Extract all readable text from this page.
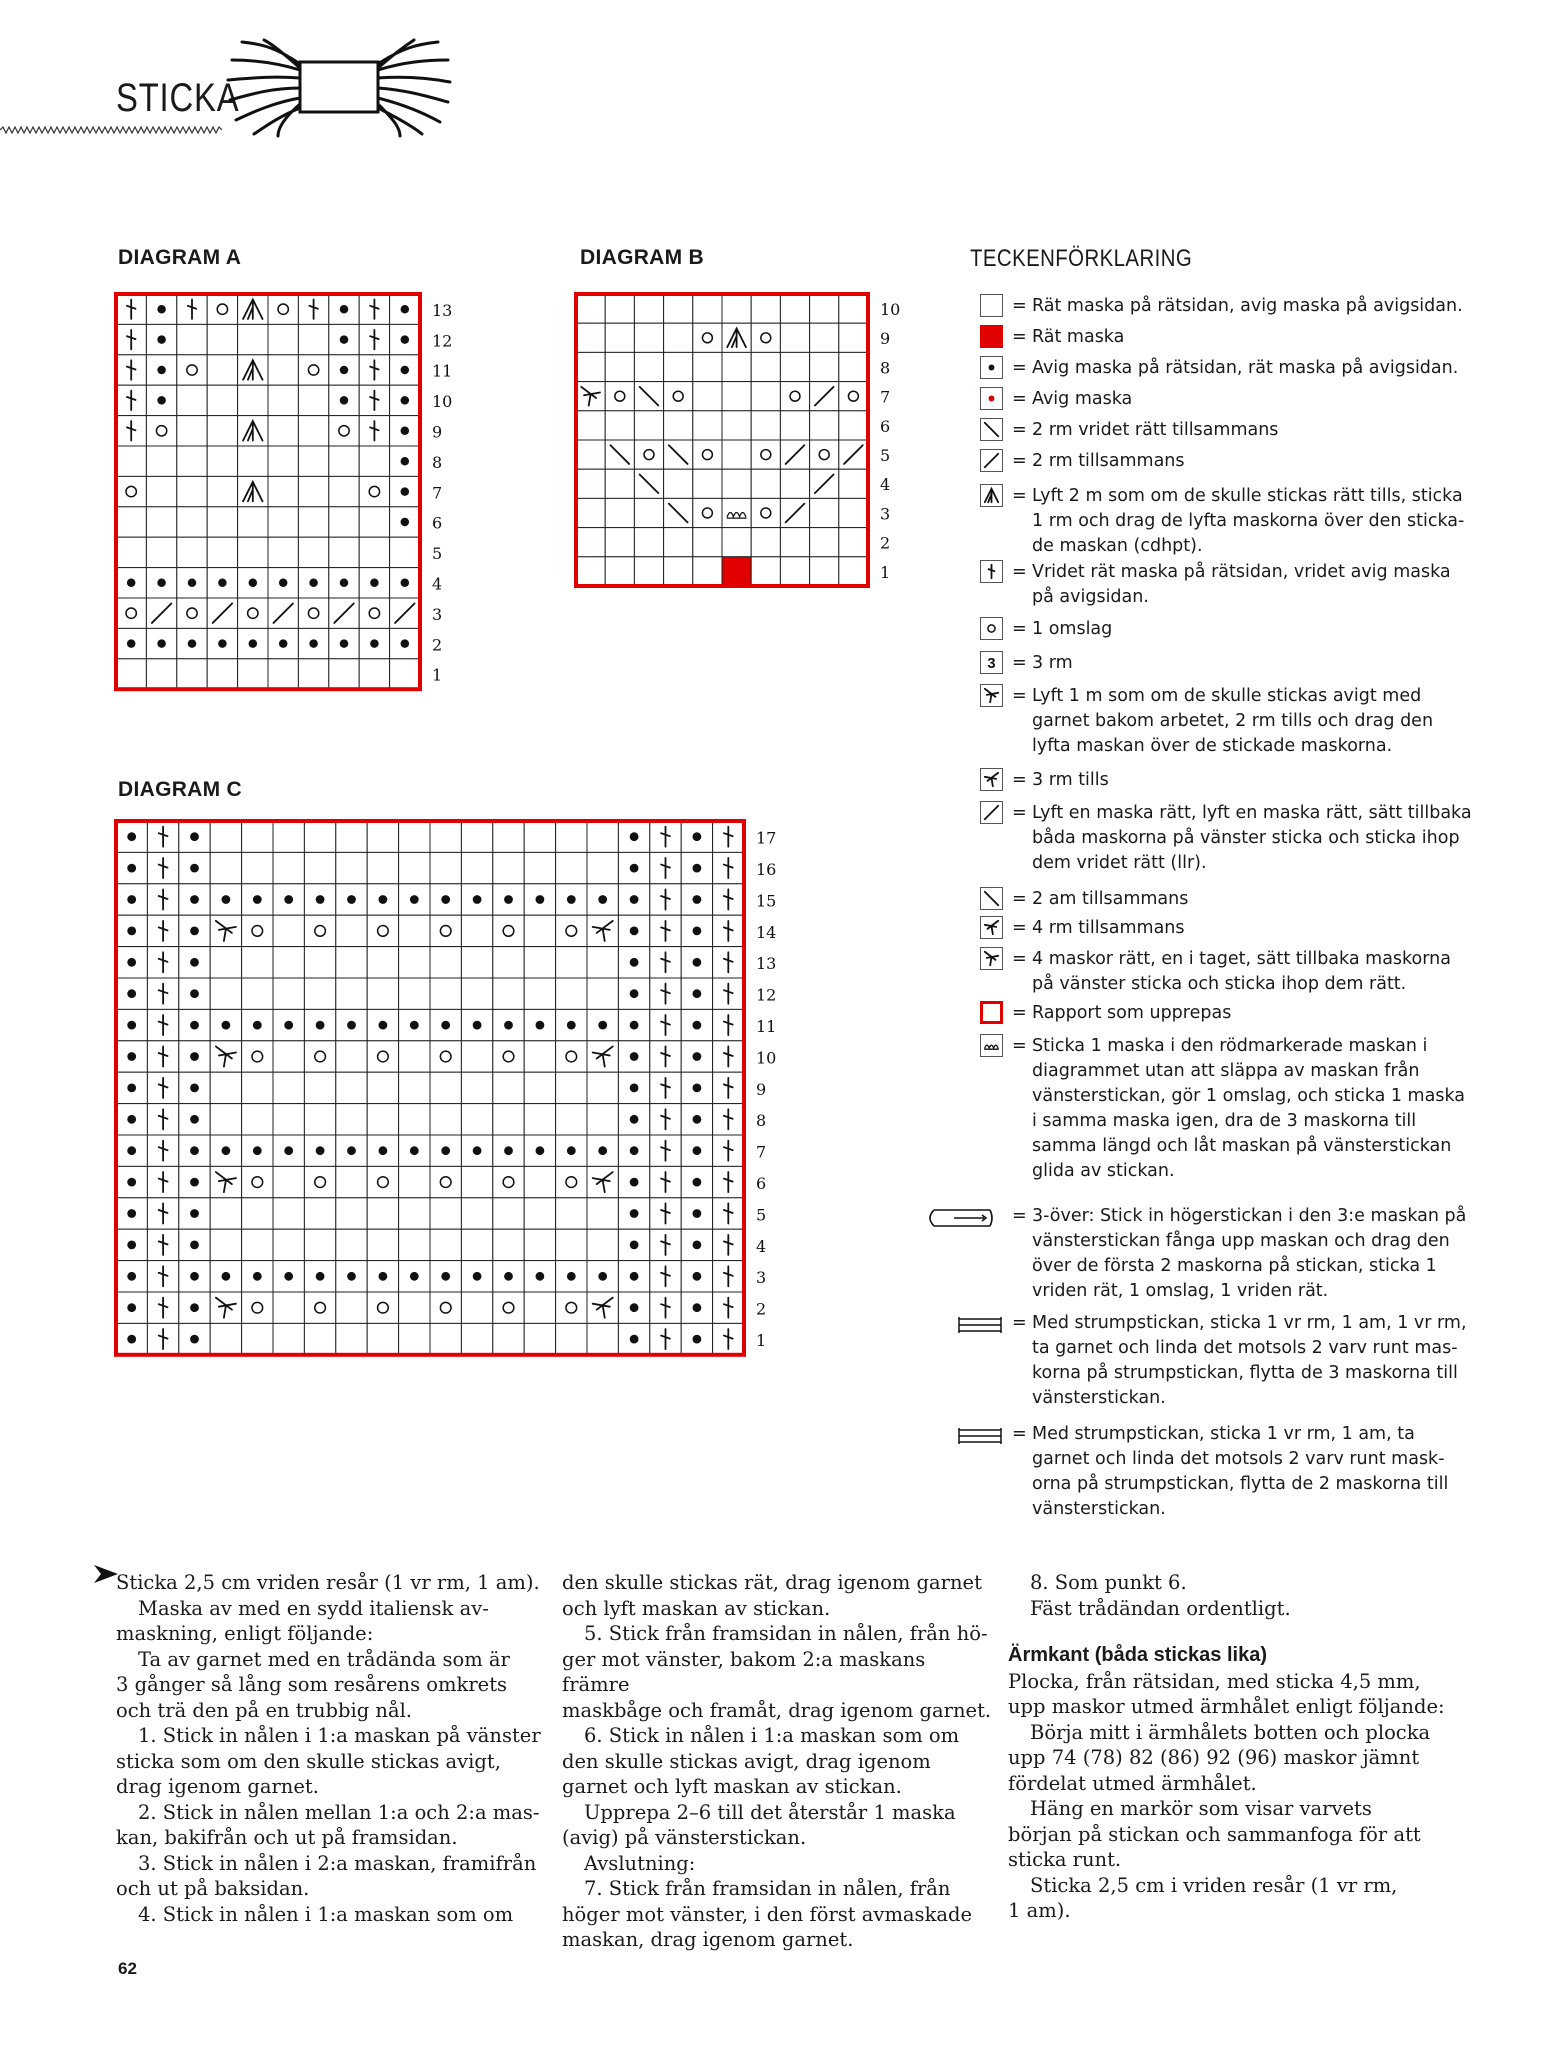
STICKA
DIAGRAM A	DIAGRAM B
DIAGRAM C
TECKENFÖRKLARING
13
12
11
10
9
8
7
6
5
4
3
2
1
10
9
8
7
6
5
4
3
2
1
17
16
15
14
13
12
11
10
9
8
7
6
5
4
3
2
1
= Rät maska på rätsidan, avig maska på avigsidan.
= Rät maska
= Avig maska på rätsidan, rät maska på avigsidan.
= Avig maska
= 2 rm vridet rätt tillsammans
= 2 rm tillsammans
= Lyft 2 m som om de skulle stickas rätt tills, sticka 1 rm och drag de lyfta maskorna över den sticka-de maskan (cdhpt).
= Vridet rät maska på rätsidan, vridet avig maska på avigsidan.
= 1 omslag
3 = 3 rm
= Lyft 1 m som om de skulle stickas avigt med garnet bakom arbetet, 2 rm tills och drag den lyfta maskan över de stickade maskorna.
= 3 rm tills
= Lyft en maska rätt, lyft en maska rätt, sätt tillbaka båda maskorna på vänster sticka och sticka ihop dem vridet rätt (llr).
= 2 am tillsammans
= 4 rm tillsammans
= 4 maskor rätt, en i taget, sätt tillbaka maskorna på vänster sticka och sticka ihop dem rätt.
= Rapport som upprepas
= Sticka 1 maska i den rödmarkerade maskan i diagrammet utan att släppa av maskan från vänsterstickan, gör 1 omslag, och sticka 1 maska i samma maska igen, dra de 3 maskorna till samma längd och låt maskan på vänsterstickan glida av stickan.
= 3-över: Stick in högerstickan i den 3:e maskan på vänsterstickan fånga upp maskan och drag den över de första 2 maskorna på stickan, sticka 1 vriden rät, 1 omslag, 1 vriden rät.
= Med strumpstickan, sticka 1 vr rm, 1 am, 1 vr rm, ta garnet och linda det motsols 2 varv runt mas-korna på strumpstickan, flytta de 3 maskorna till vänsterstickan.
= Med strumpstickan, sticka 1 vr rm, 1 am, ta garnet och linda det motsols 2 varv runt mask-orna på strumpstickan, flytta de 2 maskorna till vänsterstickan.

Sticka 2,5 cm vriden resår (1 vr rm, 1 am).

Maska av med en sydd italiensk av-

maskning, enligt följande:

Ta av garnet med en trådända som är

3 gånger så lång som resårens omkrets

och trä den på en trubbig nål.

1. Stick in nålen i 1:a maskan på vänster

sticka som om den skulle stickas avigt,

drag igenom garnet.

2. Stick in nålen mellan 1:a och 2:a mas-

kan, bakifrån och ut på framsidan.

3. Stick in nålen i 2:a maskan, framifrån

och ut på baksidan.

4. Stick in nålen i 1:a maskan som om

den skulle stickas rät, drag igenom garnet

och lyft maskan av stickan.

5. Stick från framsidan in nålen, från hö-

ger mot vänster, bakom 2:a maskans främre

maskbåge och framåt, drag igenom garnet.

6. Stick in nålen i 1:a maskan som om

den skulle stickas avigt, drag igenom

garnet och lyft maskan av stickan.

Upprepa 2–6 till det återstår 1 maska

(avig) på vänsterstickan.

Avslutning:

7. Stick från framsidan in nålen, från

höger mot vänster, i den först avmaskade

maskan, drag igenom garnet.

8. Som punkt 6.

Fäst trådändan ordentligt.

Ärmkant (båda stickas lika)

Plocka, från rätsidan, med sticka 4,5 mm,

upp maskor utmed ärmhålet enligt följande:

Börja mitt i ärmhålets botten och plocka

upp 74 (78) 82 (86) 92 (96) maskor jämnt

fördelat utmed ärmhålet.

Häng en markör som visar varvets

början på stickan och sammanfoga för att

sticka runt.

Sticka 2,5 cm i vriden resår (1 vr rm,

1 am).

62
